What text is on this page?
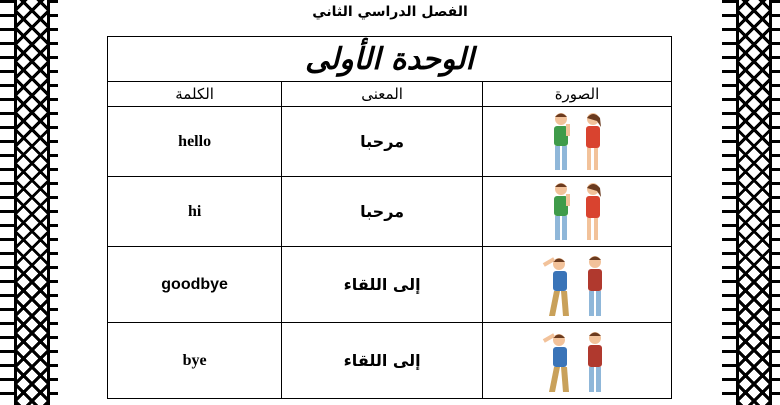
الفصل الدراسي الثاني
الوحدة الأولى		
الصورة	المعنى	الكلمة

	مرحبا	hello

	مرحبا	hi

	إلى اللقاء	goodbye

	إلى اللقاء	bye
